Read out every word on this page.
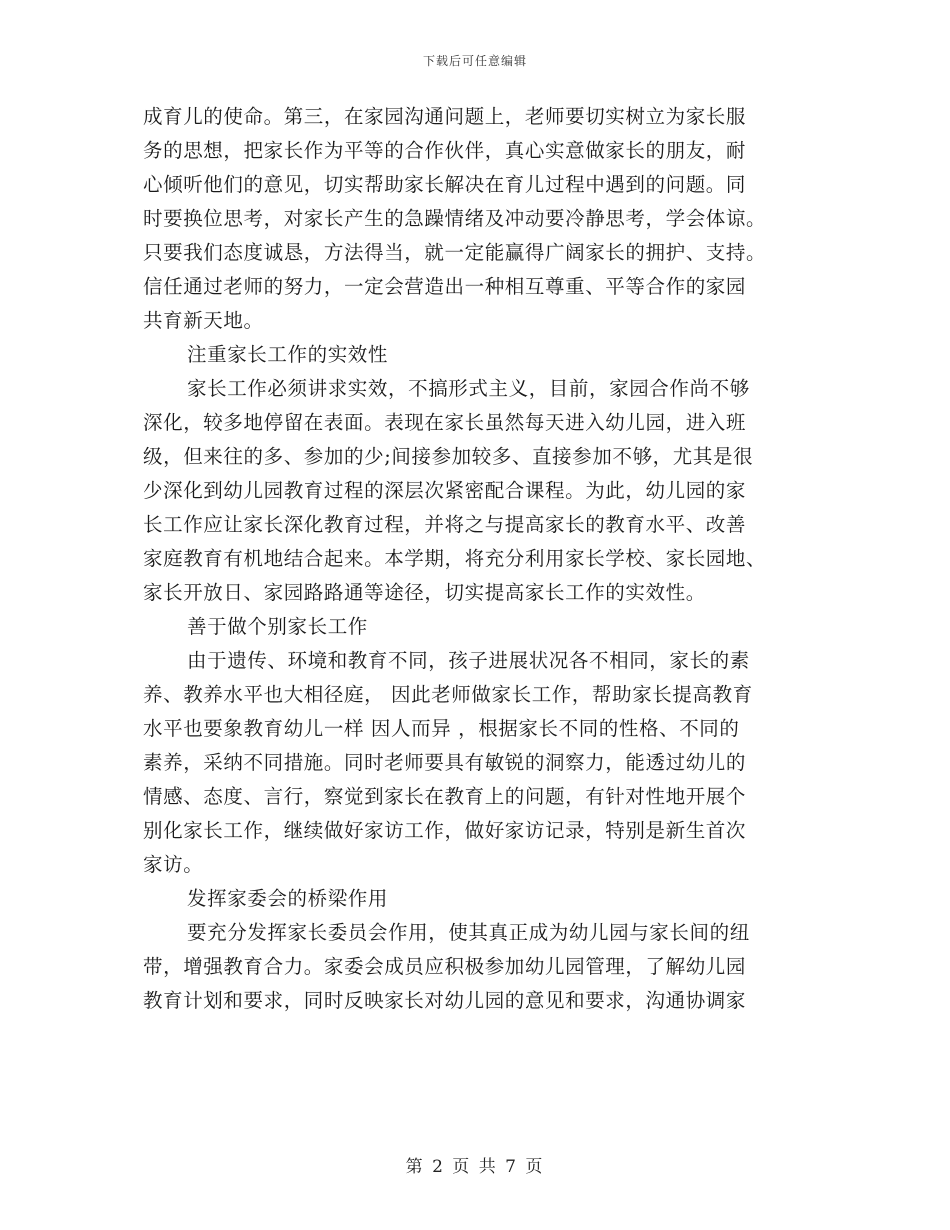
下载后可任意编辑
成育儿的使命。第三，在家园沟通问题上，老师要切实树立为家长服
务的思想，把家长作为平等的合作伙伴，真心实意做家长的朋友，耐
心倾听他们的意见，切实帮助家长解决在育儿过程中遇到的问题。同
时要换位思考，对家长产生的急躁情绪及冲动要冷静思考，学会体谅。
只要我们态度诚恳，方法得当，就一定能赢得广阔家长的拥护、支持。
信任通过老师的努力，一定会营造出一种相互尊重、平等合作的家园
共育新天地。
注重家长工作的实效性
家长工作必须讲求实效，不搞形式主义，目前，家园合作尚不够
深化，较多地停留在表面。表现在家长虽然每天进入幼儿园，进入班
级，但来往的多、参加的少;间接参加较多、直接参加不够，尤其是很
少深化到幼儿园教育过程的深层次紧密配合课程。为此，幼儿园的家
长工作应让家长深化教育过程，并将之与提高家长的教育水平、改善
家庭教育有机地结合起来。本学期，将充分利用家长学校、家长园地、
家长开放日、家园路路通等途径，切实提高家长工作的实效性。
善于做个别家长工作
由于遗传、环境和教育不同，孩子进展状况各不相同，家长的素
养、教养水平也大相径庭， 因此老师做家长工作，帮助家长提高教育
水平也要象教育幼儿一样 因人而异 ，根据家长不同的性格、不同的
素养，采纳不同措施。同时老师要具有敏锐的洞察力，能透过幼儿的
情感、态度、言行，察觉到家长在教育上的问题，有针对性地开展个
别化家长工作，继续做好家访工作，做好家访记录，特别是新生首次
家访。
发挥家委会的桥梁作用
要充分发挥家长委员会作用，使其真正成为幼儿园与家长间的纽
带，增强教育合力。家委会成员应积极参加幼儿园管理，了解幼儿园
教育计划和要求，同时反映家长对幼儿园的意见和要求，沟通协调家
第 2 页 共 7 页
